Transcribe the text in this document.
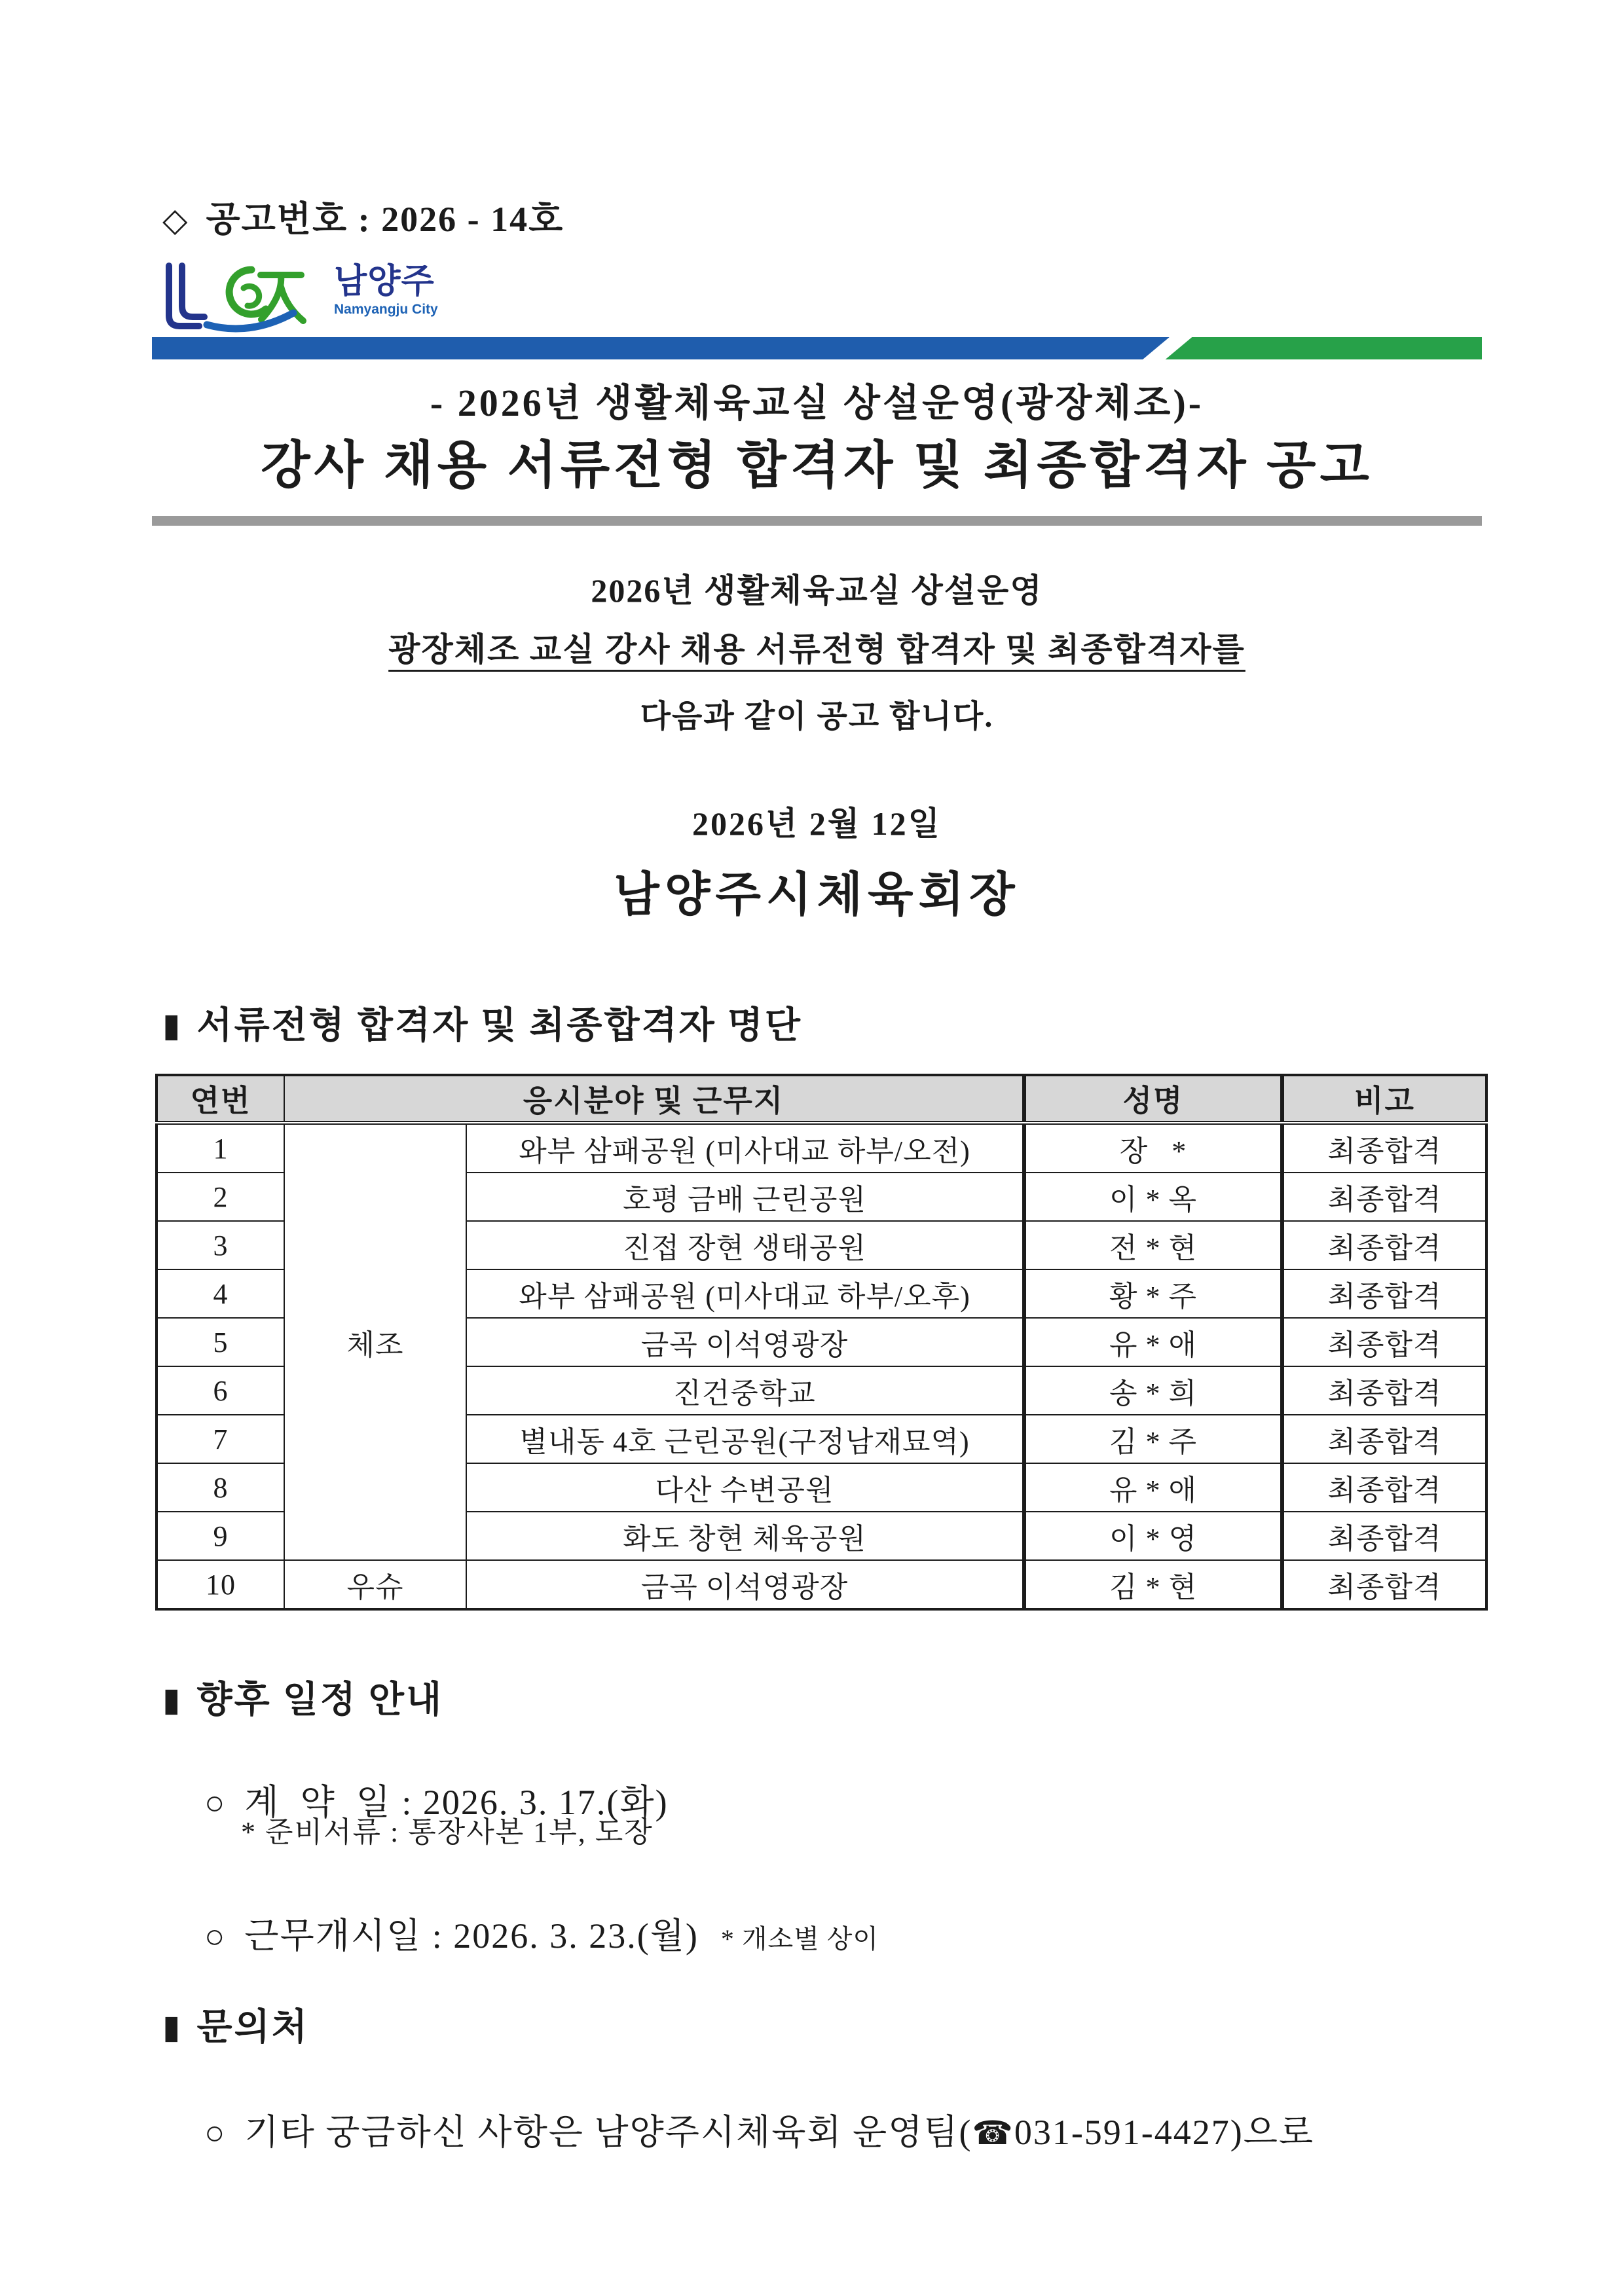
◇ 공고번호 : 2026 - 14호
남양주
Namyangju City
- 2026년 생활체육교실 상설운영(광장체조)-
강사 채용 서류전형 합격자 및 최종합격자 공고
2026년 생활체육교실 상설운영
광장체조 교실 강사 채용 서류전형 합격자 및 최종합격자를
다음과 같이 공고 합니다.
2026년 2월 12일
남양주시체육회장
▮ 서류전형 합격자 및 최종합격자 명단
연번	응시분야 및 근무지		성명	비고
1	체조	와부 삼패공원 (미사대교 하부/오전)	장   *	최종합격
2		호평 금배 근린공원	이 * 옥	최종합격
3		진접 장현 생태공원	전 * 현	최종합격
4		와부 삼패공원 (미사대교 하부/오후)	황 * 주	최종합격
5		금곡 이석영광장	유 * 애	최종합격
6		진건중학교	송 * 희	최종합격
7		별내동 4호 근린공원(구정남재묘역)	김 * 주	최종합격
8		다산 수변공원	유 * 애	최종합격
9		화도 창현 체육공원	이 * 영	최종합격
10	우슈	금곡 이석영광장	김 * 현	최종합격
▮ 향후 일정 안내

○ 계  약  일 : 2026. 3. 17.(화)

* 준비서류 : 통장사본 1부, 도장

○ 근무개시일 : 2026. 3. 23.(월) * 개소별 상이

▮ 문의처

○ 기타 궁금하신 사항은 남양주시체육회 운영팀(☎031-591-4427)으로
